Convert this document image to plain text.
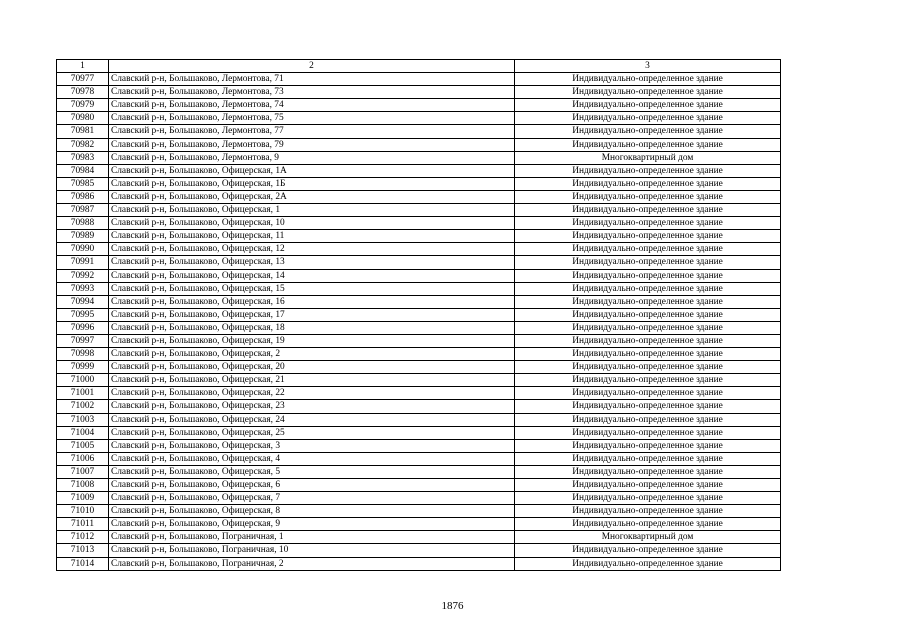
1	2	3
70977	Славский р-н, Большаково, Лермонтова, 71	Индивидуально-определенное здание
70978	Славский р-н, Большаково, Лермонтова, 73	Индивидуально-определенное здание
70979	Славский р-н, Большаково, Лермонтова, 74	Индивидуально-определенное здание
70980	Славский р-н, Большаково, Лермонтова, 75	Индивидуально-определенное здание
70981	Славский р-н, Большаково, Лермонтова, 77	Индивидуально-определенное здание
70982	Славский р-н, Большаково, Лермонтова, 79	Индивидуально-определенное здание
70983	Славский р-н, Большаково, Лермонтова, 9	Многоквартирный дом
70984	Славский р-н, Большаково, Офицерская, 1А	Индивидуально-определенное здание
70985	Славский р-н, Большаково, Офицерская, 1Б	Индивидуально-определенное здание
70986	Славский р-н, Большаково, Офицерская, 2А	Индивидуально-определенное здание
70987	Славский р-н, Большаково, Офицерская, 1	Индивидуально-определенное здание
70988	Славский р-н, Большаково, Офицерская, 10	Индивидуально-определенное здание
70989	Славский р-н, Большаково, Офицерская, 11	Индивидуально-определенное здание
70990	Славский р-н, Большаково, Офицерская, 12	Индивидуально-определенное здание
70991	Славский р-н, Большаково, Офицерская, 13	Индивидуально-определенное здание
70992	Славский р-н, Большаково, Офицерская, 14	Индивидуально-определенное здание
70993	Славский р-н, Большаково, Офицерская, 15	Индивидуально-определенное здание
70994	Славский р-н, Большаково, Офицерская, 16	Индивидуально-определенное здание
70995	Славский р-н, Большаково, Офицерская, 17	Индивидуально-определенное здание
70996	Славский р-н, Большаково, Офицерская, 18	Индивидуально-определенное здание
70997	Славский р-н, Большаково, Офицерская, 19	Индивидуально-определенное здание
70998	Славский р-н, Большаково, Офицерская, 2	Индивидуально-определенное здание
70999	Славский р-н, Большаково, Офицерская, 20	Индивидуально-определенное здание
71000	Славский р-н, Большаково, Офицерская, 21	Индивидуально-определенное здание
71001	Славский р-н, Большаково, Офицерская, 22	Индивидуально-определенное здание
71002	Славский р-н, Большаково, Офицерская, 23	Индивидуально-определенное здание
71003	Славский р-н, Большаково, Офицерская, 24	Индивидуально-определенное здание
71004	Славский р-н, Большаково, Офицерская, 25	Индивидуально-определенное здание
71005	Славский р-н, Большаково, Офицерская, 3	Индивидуально-определенное здание
71006	Славский р-н, Большаково, Офицерская, 4	Индивидуально-определенное здание
71007	Славский р-н, Большаково, Офицерская, 5	Индивидуально-определенное здание
71008	Славский р-н, Большаково, Офицерская, 6	Индивидуально-определенное здание
71009	Славский р-н, Большаково, Офицерская, 7	Индивидуально-определенное здание
71010	Славский р-н, Большаково, Офицерская, 8	Индивидуально-определенное здание
71011	Славский р-н, Большаково, Офицерская, 9	Индивидуально-определенное здание
71012	Славский р-н, Большаково, Пограничная, 1	Многоквартирный дом
71013	Славский р-н, Большаково, Пограничная, 10	Индивидуально-определенное здание
71014	Славский р-н, Большаково, Пограничная, 2	Индивидуально-определенное здание
1876
